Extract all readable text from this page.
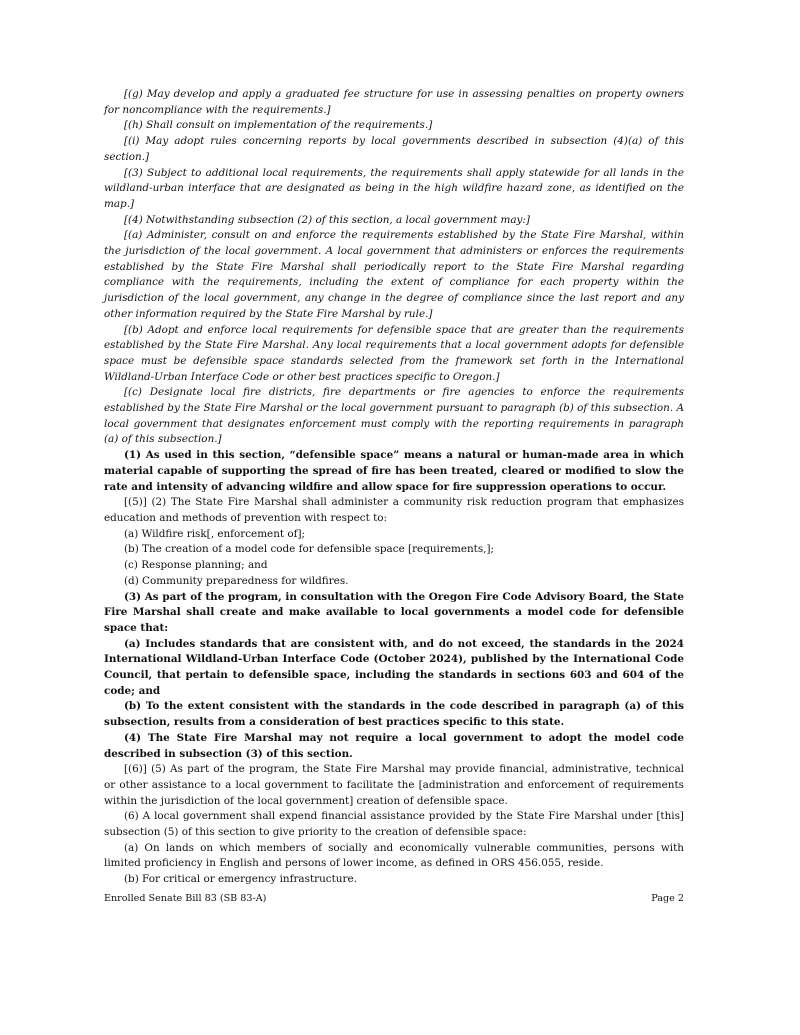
[(g) May develop and apply a graduated fee structure for use in assessing penalties on property owners for noncompliance with the requirements.]

[(h) Shall consult on implementation of the requirements.]

[(i) May adopt rules concerning reports by local governments described in subsection (4)(a) of this section.]

[(3) Subject to additional local requirements, the requirements shall apply statewide for all lands in the wildland-urban interface that are designated as being in the high wildfire hazard zone, as identified on the map.]

[(4) Notwithstanding subsection (2) of this section, a local government may:]

[(a) Administer, consult on and enforce the requirements established by the State Fire Marshal, within the jurisdiction of the local government. A local government that administers or enforces the requirements established by the State Fire Marshal shall periodically report to the State Fire Marshal regarding compliance with the requirements, including the extent of compliance for each property within the jurisdiction of the local government, any change in the degree of compliance since the last report and any other information required by the State Fire Marshal by rule.]

[(b) Adopt and enforce local requirements for defensible space that are greater than the requirements established by the State Fire Marshal. Any local requirements that a local government adopts for defensible space must be defensible space standards selected from the framework set forth in the International Wildland-Urban Interface Code or other best practices specific to Oregon.]

[(c) Designate local fire districts, fire departments or fire agencies to enforce the requirements established by the State Fire Marshal or the local government pursuant to paragraph (b) of this subsection. A local government that designates enforcement must comply with the reporting requirements in paragraph (a) of this subsection.]

(1) As used in this section, “defensible space” means a natural or human-made area in which material capable of supporting the spread of fire has been treated, cleared or modified to slow the rate and intensity of advancing wildfire and allow space for fire suppression operations to occur.

[(5)] (2) The State Fire Marshal shall administer a community risk reduction program that emphasizes education and methods of prevention with respect to:

(a) Wildfire risk[, enforcement of];

(b) The creation of a model code for defensible space [requirements,];

(c) Response planning; and

(d) Community preparedness for wildfires.

(3) As part of the program, in consultation with the Oregon Fire Code Advisory Board, the State Fire Marshal shall create and make available to local governments a model code for defensible space that:

(a) Includes standards that are consistent with, and do not exceed, the standards in the 2024 International Wildland-Urban Interface Code (October 2024), published by the International Code Council, that pertain to defensible space, including the standards in sections 603 and 604 of the code; and

(b) To the extent consistent with the standards in the code described in paragraph (a) of this subsection, results from a consideration of best practices specific to this state.

(4) The State Fire Marshal may not require a local government to adopt the model code described in subsection (3) of this section.

[(6)] (5) As part of the program, the State Fire Marshal may provide financial, administrative, technical or other assistance to a local government to facilitate the [administration and enforcement of requirements within the jurisdiction of the local government] creation of defensible space.

(6) A local government shall expend financial assistance provided by the State Fire Marshal under [this] subsection (5) of this section to give priority to the creation of defensible space:

(a) On lands on which members of socially and economically vulnerable communities, persons with limited proficiency in English and persons of lower income, as defined in ORS 456.055, reside.

(b) For critical or emergency infrastructure.

Enrolled Senate Bill 83 (SB 83-A)	Page 2
